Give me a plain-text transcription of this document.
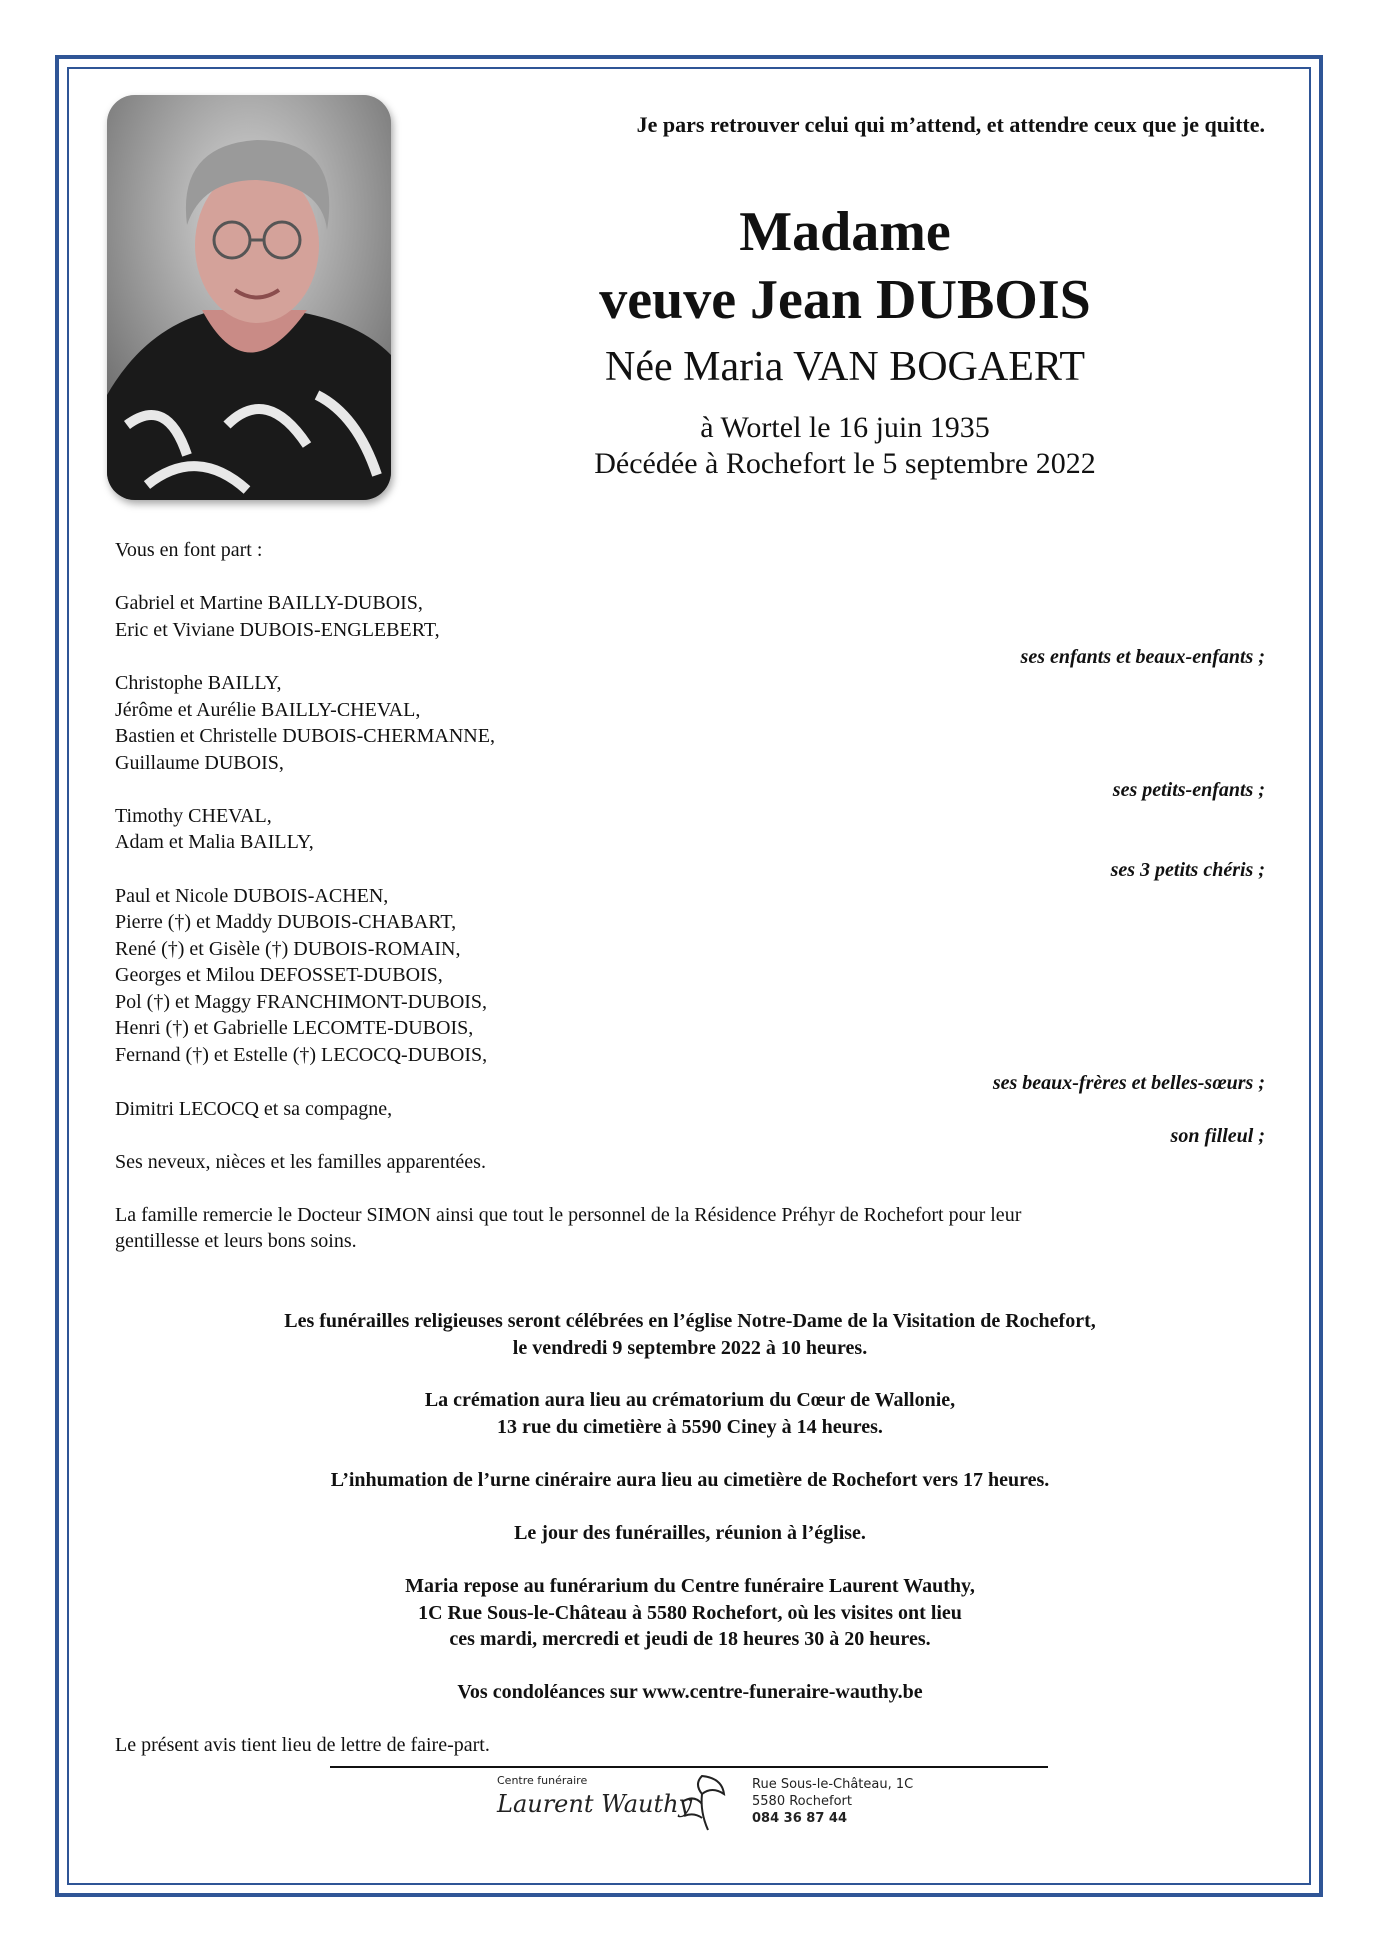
Je pars retrouver celui qui m’attend, et attendre ceux que je quitte.
Madame
veuve Jean DUBOIS
Née Maria VAN BOGAERT
à Wortel le 16 juin 1935
Décédée à Rochefort le 5 septembre 2022
Vous en font part :
Gabriel et Martine BAILLY-DUBOIS,
Eric et Viviane DUBOIS-ENGLEBERT,
ses enfants et beaux-enfants ;
Christophe BAILLY,
Jérôme et Aurélie BAILLY-CHEVAL,
Bastien et Christelle DUBOIS-CHERMANNE,
Guillaume DUBOIS,
ses petits-enfants ;
Timothy CHEVAL,
Adam et Malia BAILLY,
ses 3 petits chéris ;
Paul et Nicole DUBOIS-ACHEN,
Pierre (†) et Maddy DUBOIS-CHABART,
René (†) et Gisèle (†) DUBOIS-ROMAIN,
Georges et Milou DEFOSSET-DUBOIS,
Pol (†) et Maggy FRANCHIMONT-DUBOIS,
Henri (†) et Gabrielle LECOMTE-DUBOIS,
Fernand (†) et Estelle (†) LECOCQ-DUBOIS,
ses beaux-frères et belles-sœurs ;
Dimitri LECOCQ et sa compagne,
son filleul ;
Ses neveux, nièces et les familles apparentées.
La famille remercie le Docteur SIMON ainsi que tout le personnel de la Résidence Préhyr de Rochefort pour leur
gentillesse et leurs bons soins.
Les funérailles religieuses seront célébrées en l’église Notre-Dame de la Visitation de Rochefort,
le vendredi 9 septembre 2022 à 10 heures.
La crémation aura lieu au crématorium du Cœur de Wallonie,
13 rue du cimetière à 5590 Ciney à 14 heures.
L’inhumation de l’urne cinéraire aura lieu au cimetière de Rochefort vers 17 heures.
Le jour des funérailles, réunion à l’église.
Maria repose au funérarium du Centre funéraire Laurent Wauthy,
1C Rue Sous-le-Château à 5580 Rochefort, où les visites ont lieu
ces mardi, mercredi et jeudi de 18 heures 30 à 20 heures.
Vos condoléances sur www.centre-funeraire-wauthy.be
Le présent avis tient lieu de lettre de faire-part.
Centre funéraire
Laurent Wauthy
Rue Sous-le-Château, 1C
5580 Rochefort
084 36 87 44
